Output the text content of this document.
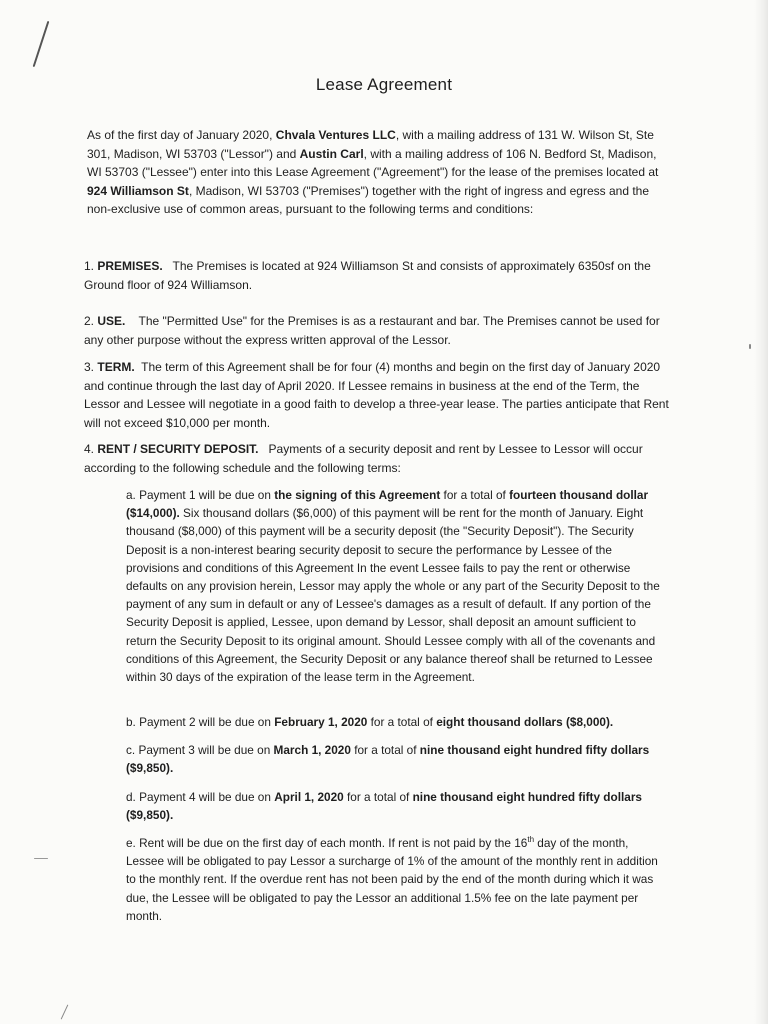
Lease Agreement

As of the first day of January 2020, Chvala Ventures LLC, with a mailing address of 131 W. Wilson St, Ste 301, Madison, WI 53703 ("Lessor") and Austin Carl, with a mailing address of 106 N. Bedford St, Madison, WI 53703 ("Lessee") enter into this Lease Agreement ("Agreement") for the lease of the premises located at 924 Williamson St, Madison, WI 53703 ("Premises") together with the right of ingress and egress and the non-exclusive use of common areas, pursuant to the following terms and conditions:

1. PREMISES. The Premises is located at 924 Williamson St and consists of approximately 6350sf on the Ground floor of 924 Williamson.

2. USE. The "Permitted Use" for the Premises is as a restaurant and bar. The Premises cannot be used for any other purpose without the express written approval of the Lessor.

3. TERM. The term of this Agreement shall be for four (4) months and begin on the first day of January 2020 and continue through the last day of April 2020. If Lessee remains in business at the end of the Term, the Lessor and Lessee will negotiate in a good faith to develop a three-year lease. The parties anticipate that Rent will not exceed $10,000 per month.

4. RENT / SECURITY DEPOSIT. Payments of a security deposit and rent by Lessee to Lessor will occur according to the following schedule and the following terms:

a. Payment 1 will be due on the signing of this Agreement for a total of fourteen thousand dollar ($14,000). Six thousand dollars ($6,000) of this payment will be rent for the month of January. Eight thousand ($8,000) of this payment will be a security deposit (the "Security Deposit"). The Security Deposit is a non-interest bearing security deposit to secure the performance by Lessee of the provisions and conditions of this Agreement In the event Lessee fails to pay the rent or otherwise defaults on any provision herein, Lessor may apply the whole or any part of the Security Deposit to the payment of any sum in default or any of Lessee's damages as a result of default. If any portion of the Security Deposit is applied, Lessee, upon demand by Lessor, shall deposit an amount sufficient to return the Security Deposit to its original amount. Should Lessee comply with all of the covenants and conditions of this Agreement, the Security Deposit or any balance thereof shall be returned to Lessee within 30 days of the expiration of the lease term in the Agreement.

b. Payment 2 will be due on February 1, 2020 for a total of eight thousand dollars ($8,000).

c. Payment 3 will be due on March 1, 2020 for a total of nine thousand eight hundred fifty dollars ($9,850).

d. Payment 4 will be due on April 1, 2020 for a total of nine thousand eight hundred fifty dollars ($9,850).

e. Rent will be due on the first day of each month. If rent is not paid by the 16th day of the month, Lessee will be obligated to pay Lessor a surcharge of 1% of the amount of the monthly rent in addition to the monthly rent. If the overdue rent has not been paid by the end of the month during which it was due, the Lessee will be obligated to pay the Lessor an additional 1.5% fee on the late payment per month.
